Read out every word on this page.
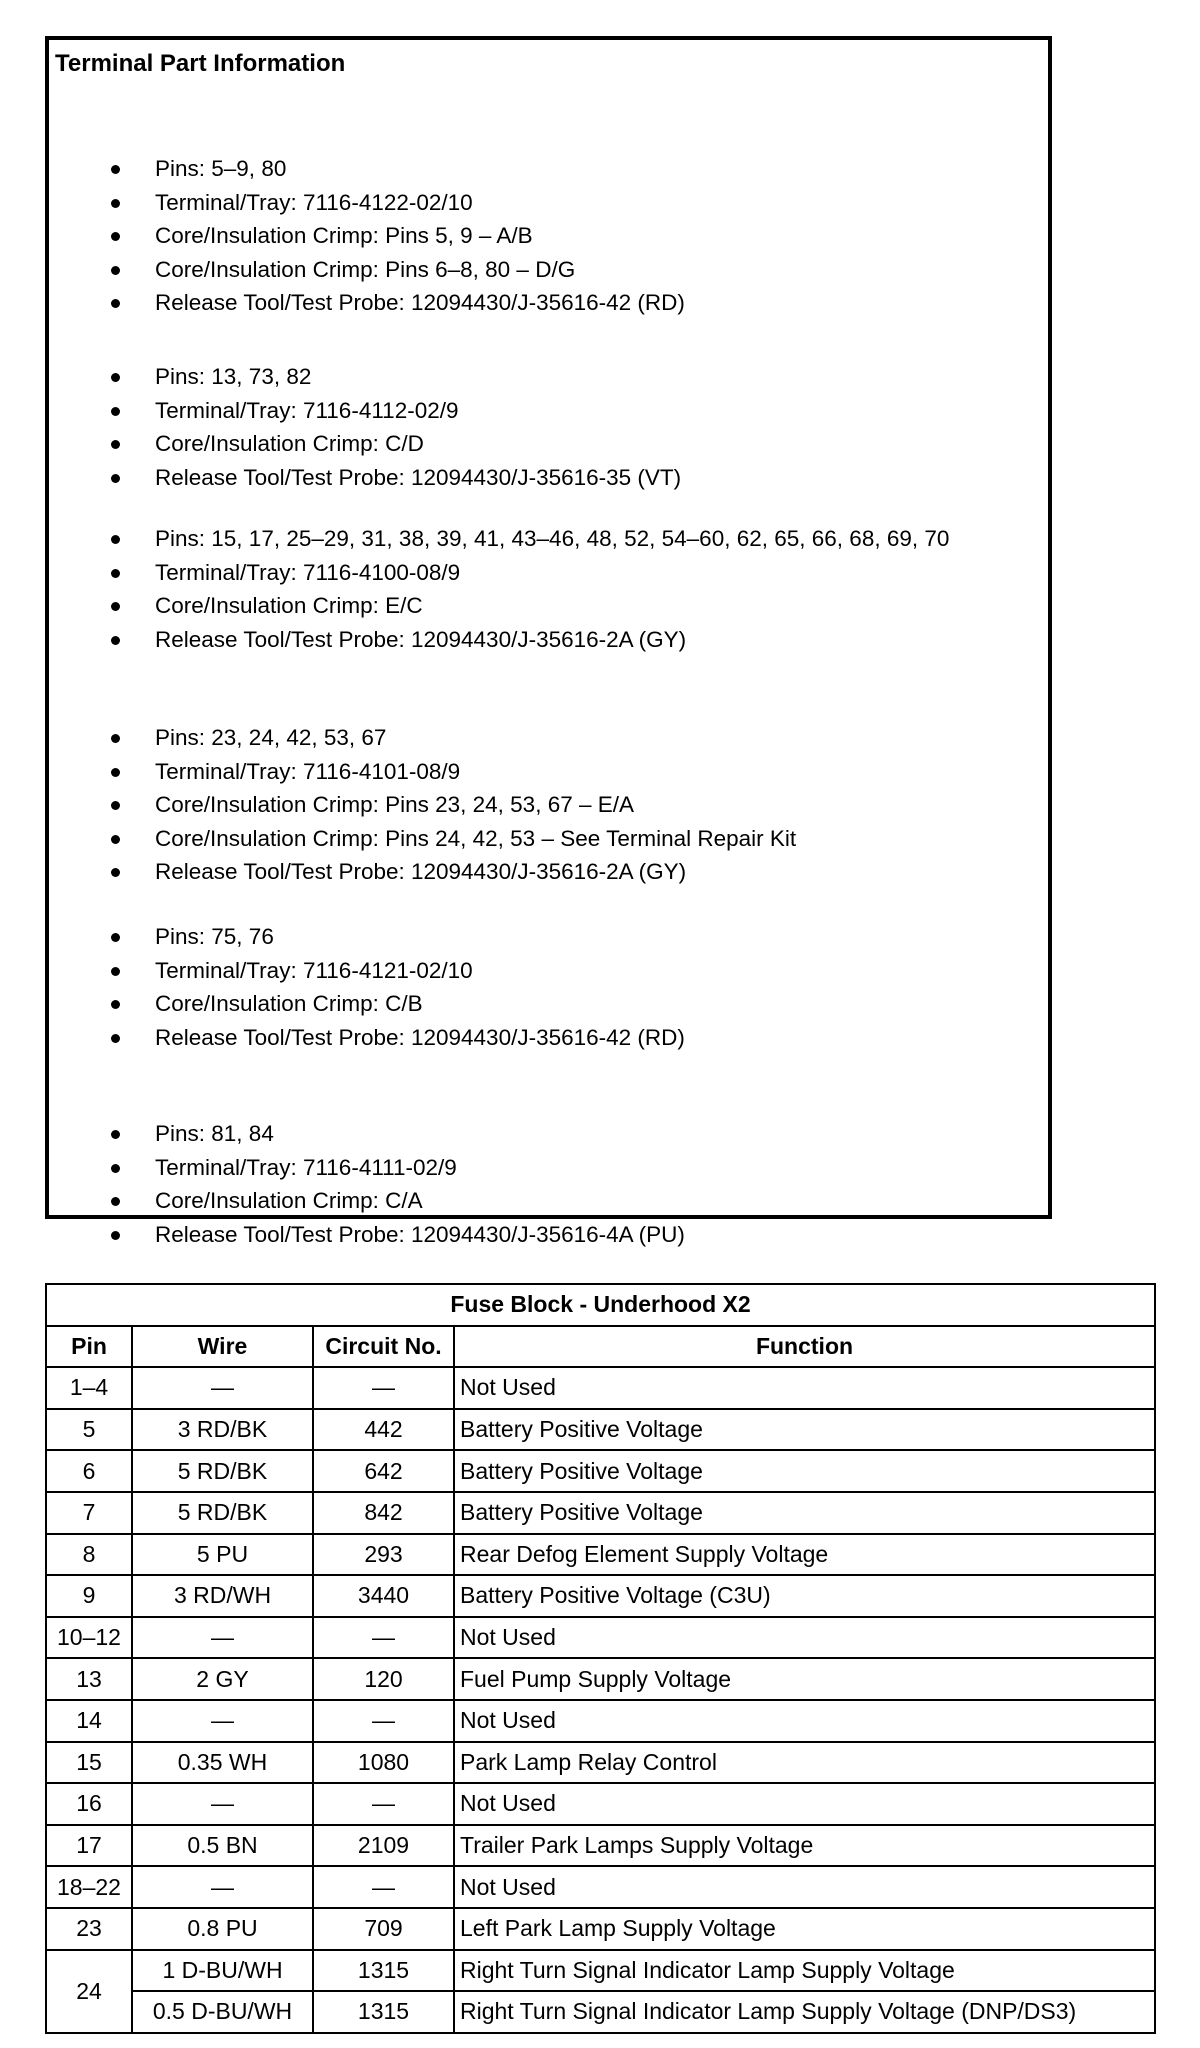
Terminal Part Information
Pins: 5–9, 80
Terminal/Tray: 7116-4122-02/10
Core/Insulation Crimp: Pins 5, 9 – A/B
Core/Insulation Crimp: Pins 6–8, 80 – D/G
Release Tool/Test Probe: 12094430/J-35616-42 (RD)
Pins: 13, 73, 82
Terminal/Tray: 7116-4112-02/9
Core/Insulation Crimp: C/D
Release Tool/Test Probe: 12094430/J-35616-35 (VT)
Pins: 15, 17, 25–29, 31, 38, 39, 41, 43–46, 48, 52, 54–60, 62, 65, 66, 68, 69, 70
Terminal/Tray: 7116-4100-08/9
Core/Insulation Crimp: E/C
Release Tool/Test Probe: 12094430/J-35616-2A (GY)
Pins: 23, 24, 42, 53, 67
Terminal/Tray: 7116-4101-08/9
Core/Insulation Crimp: Pins 23, 24, 53, 67 – E/A
Core/Insulation Crimp: Pins 24, 42, 53 – See Terminal Repair Kit
Release Tool/Test Probe: 12094430/J-35616-2A (GY)
Pins: 75, 76
Terminal/Tray: 7116-4121-02/10
Core/Insulation Crimp: C/B
Release Tool/Test Probe: 12094430/J-35616-42 (RD)
Pins: 81, 84
Terminal/Tray: 7116-4111-02/9
Core/Insulation Crimp: C/A
Release Tool/Test Probe: 12094430/J-35616-4A (PU)
Fuse Block - Underhood X2			
Pin	Wire	Circuit No.	Function
1–4	—	—	Not Used
5	3 RD/BK	442	Battery Positive Voltage
6	5 RD/BK	642	Battery Positive Voltage
7	5 RD/BK	842	Battery Positive Voltage
8	5 PU	293	Rear Defog Element Supply Voltage
9	3 RD/WH	3440	Battery Positive Voltage (C3U)
10–12	—	—	Not Used
13	2 GY	120	Fuel Pump Supply Voltage
14	—	—	Not Used
15	0.35 WH	1080	Park Lamp Relay Control
16	—	—	Not Used
17	0.5 BN	2109	Trailer Park Lamps Supply Voltage
18–22	—	—	Not Used
23	0.8 PU	709	Left Park Lamp Supply Voltage
24	1 D-BU/WH	1315	Right Turn Signal Indicator Lamp Supply Voltage
	0.5 D-BU/WH	1315	Right Turn Signal Indicator Lamp Supply Voltage (DNP/DS3)
